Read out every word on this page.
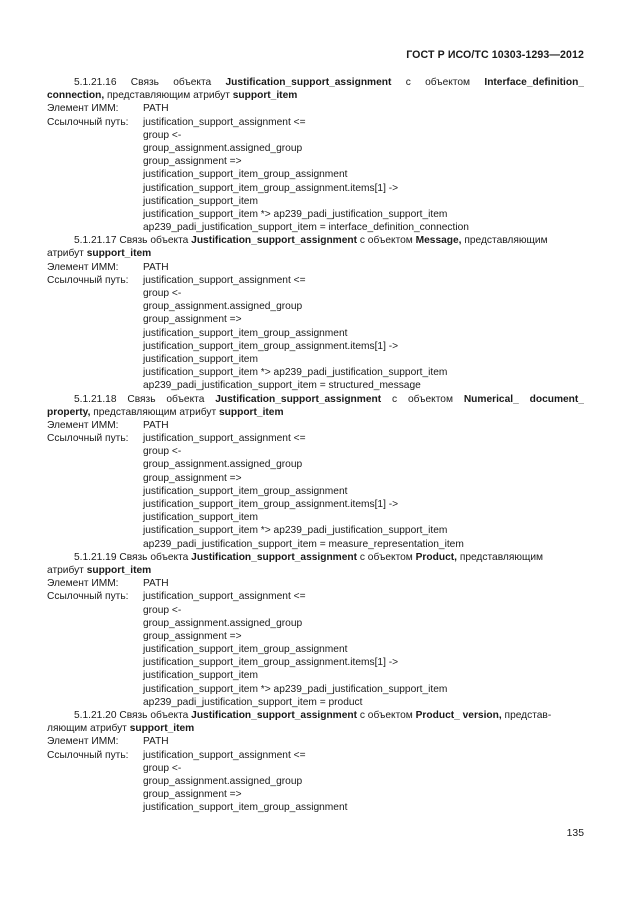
ГОСТ Р ИСО/ТС 10303-1293—2012
5.1.21.16 Связь объекта Justification_support_assignment с объектом Interface_definition_
connection, представляющим атрибут support_item
Элемент ИММ:	PATH
Ссылочный путь:	justification_support_assignment <=
group <-
group_assignment.assigned_group
group_assignment =>
justification_support_item_group_assignment
justification_support_item_group_assignment.items[1] ->
justification_support_item
justification_support_item *> ap239_padi_justification_support_item
ap239_padi_justification_support_item = interface_definition_connection
5.1.21.17 Связь объекта Justification_support_assignment с объектом Message, представляющим
атрибут support_item
Элемент ИММ:	PATH
Ссылочный путь:	justification_support_assignment <=
group <-
group_assignment.assigned_group
group_assignment =>
justification_support_item_group_assignment
justification_support_item_group_assignment.items[1] ->
justification_support_item
justification_support_item *> ap239_padi_justification_support_item
ap239_padi_justification_support_item = structured_message
5.1.21.18 Связь объекта Justification_support_assignment с объектом Numerical_ document_
property, представляющим атрибут support_item
Элемент ИММ:	PATH
Ссылочный путь:	justification_support_assignment <=
group <-
group_assignment.assigned_group
group_assignment =>
justification_support_item_group_assignment
justification_support_item_group_assignment.items[1] ->
justification_support_item
justification_support_item *> ap239_padi_justification_support_item
ap239_padi_justification_support_item = measure_representation_item
5.1.21.19 Связь объекта Justification_support_assignment с объектом Product, представляющим
атрибут support_item
Элемент ИММ:	PATH
Ссылочный путь:	justification_support_assignment <=
group <-
group_assignment.assigned_group
group_assignment =>
justification_support_item_group_assignment
justification_support_item_group_assignment.items[1] ->
justification_support_item
justification_support_item *> ap239_padi_justification_support_item
ap239_padi_justification_support_item = product
5.1.21.20 Связь объекта Justification_support_assignment с объектом Product_ version, представ-
ляющим атрибут support_item
Элемент ИММ:	PATH
Ссылочный путь:	justification_support_assignment <=
group <-
group_assignment.assigned_group
group_assignment =>
justification_support_item_group_assignment
135
